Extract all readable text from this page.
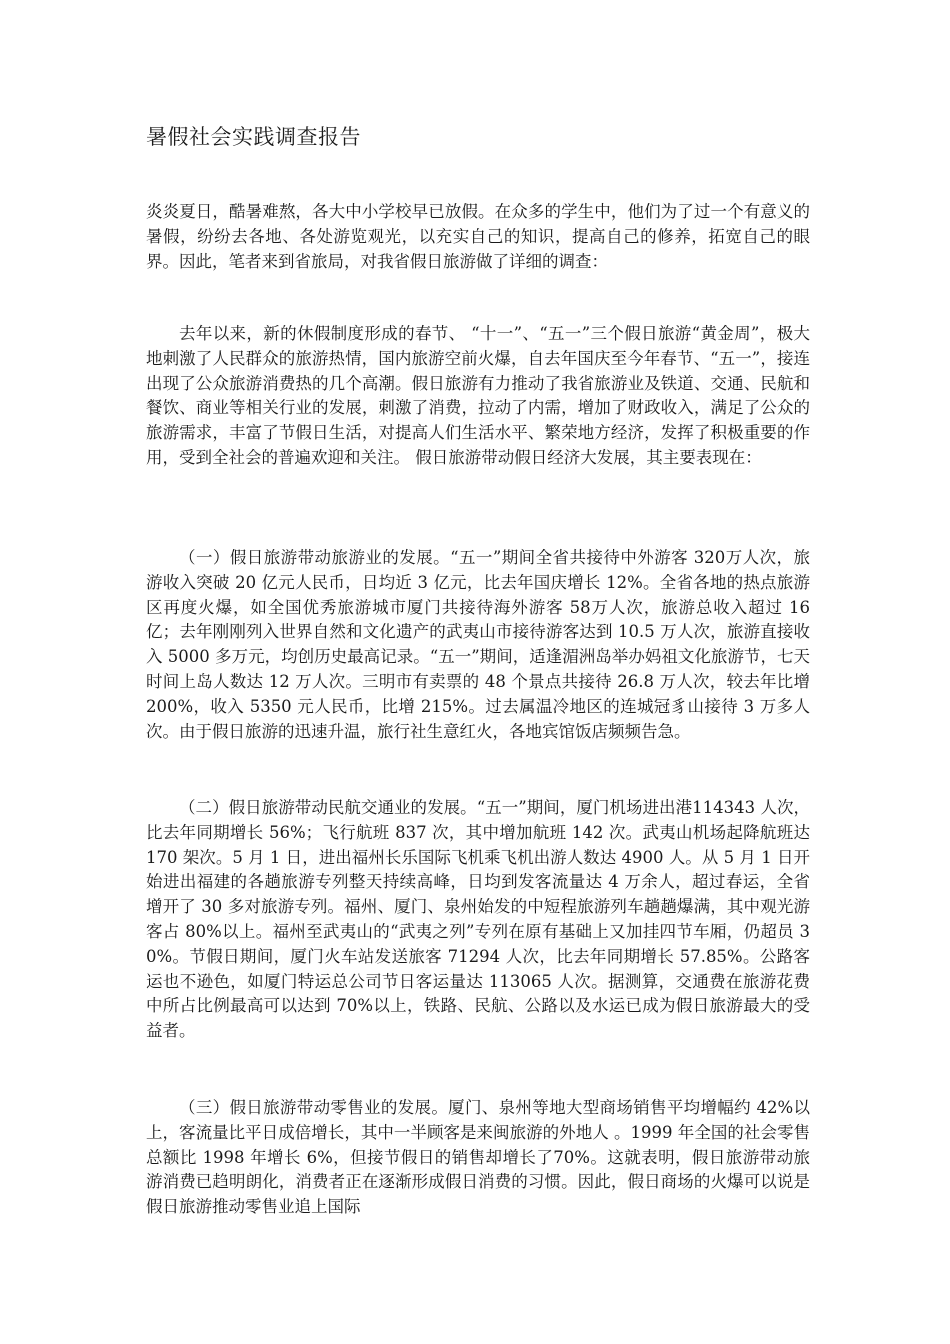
暑假社会实践调查报告

炎炎夏日，酷暑难熬，各大中小学校早已放假。在众多的学生中，他们为了过一个有意义的暑假，纷纷去各地、各处游览观光，以充实自己的知识，提高自己的修养，拓宽自己的眼界。因此，笔者来到省旅局，对我省假日旅游做了详细的调查：

去年以来，新的休假制度形成的春节、 “十一”、“五一”三个假日旅游“黄金周”，极大地刺激了人民群众的旅游热情，国内旅游空前火爆，自去年国庆至今年春节、“五一”，接连出现了公众旅游消费热的几个高潮。假日旅游有力推动了我省旅游业及铁道、交通、民航和餐饮、商业等相关行业的发展，刺激了消费，拉动了内需，增加了财政收入，满足了公众的旅游需求，丰富了节假日生活，对提高人们生活水平、繁荣地方经济，发挥了积极重要的作用，受到全社会的普遍欢迎和关注。 假日旅游带动假日经济大发展，其主要表现在：

（一）假日旅游带动旅游业的发展。“五一”期间全省共接待中外游客 320万人次，旅游收入突破 20 亿元人民币，日均近 3 亿元，比去年国庆增长 12%。全省各地的热点旅游区再度火爆，如全国优秀旅游城市厦门共接待海外游客 58万人次，旅游总收入超过 16 亿；去年刚刚列入世界自然和文化遗产的武夷山市接待游客达到 10.5 万人次，旅游直接收入 5000 多万元，均创历史最高记录。“五一”期间，适逢湄洲岛举办妈祖文化旅游节，七天时间上岛人数达 12 万人次。三明市有卖票的 48 个景点共接待 26.8 万人次，较去年比增 200%，收入 5350 元人民币，比增 215%。过去属温冷地区的连城冠豸山接待 3 万多人次。由于假日旅游的迅速升温，旅行社生意红火，各地宾馆饭店频频告急。

（二）假日旅游带动民航交通业的发展。“五一”期间，厦门机场进出港114343 人次，比去年同期增长 56%；飞行航班 837 次，其中增加航班 142 次。武夷山机场起降航班达 170 架次。5 月 1 日，进出福州长乐国际飞机乘飞机出游人数达 4900 人。从 5 月 1 日开始进出福建的各趟旅游专列整天持续高峰，日均到发客流量达 4 万余人，超过春运，全省增开了 30 多对旅游专列。福州、厦门、泉州始发的中短程旅游列车趟趟爆满，其中观光游客占 80%以上。福州至武夷山的“武夷之列”专列在原有基础上又加挂四节车厢，仍超员 30%。节假日期间，厦门火车站发送旅客 71294 人次，比去年同期增长 57.85%。公路客运也不逊色，如厦门特运总公司节日客运量达 113065 人次。据测算，交通费在旅游花费中所占比例最高可以达到 70%以上，铁路、民航、公路以及水运已成为假日旅游最大的受益者。

（三）假日旅游带动零售业的发展。厦门、泉州等地大型商场销售平均增幅约 42%以上，客流量比平日成倍增长，其中一半顾客是来闽旅游的外地人 。1999 年全国的社会零售总额比 1998 年增长 6%，但接节假日的销售却增长了70%。这就表明，假日旅游带动旅游消费已趋明朗化，消费者正在逐渐形成假日消费的习惯。因此，假日商场的火爆可以说是假日旅游推动零售业追上国际
